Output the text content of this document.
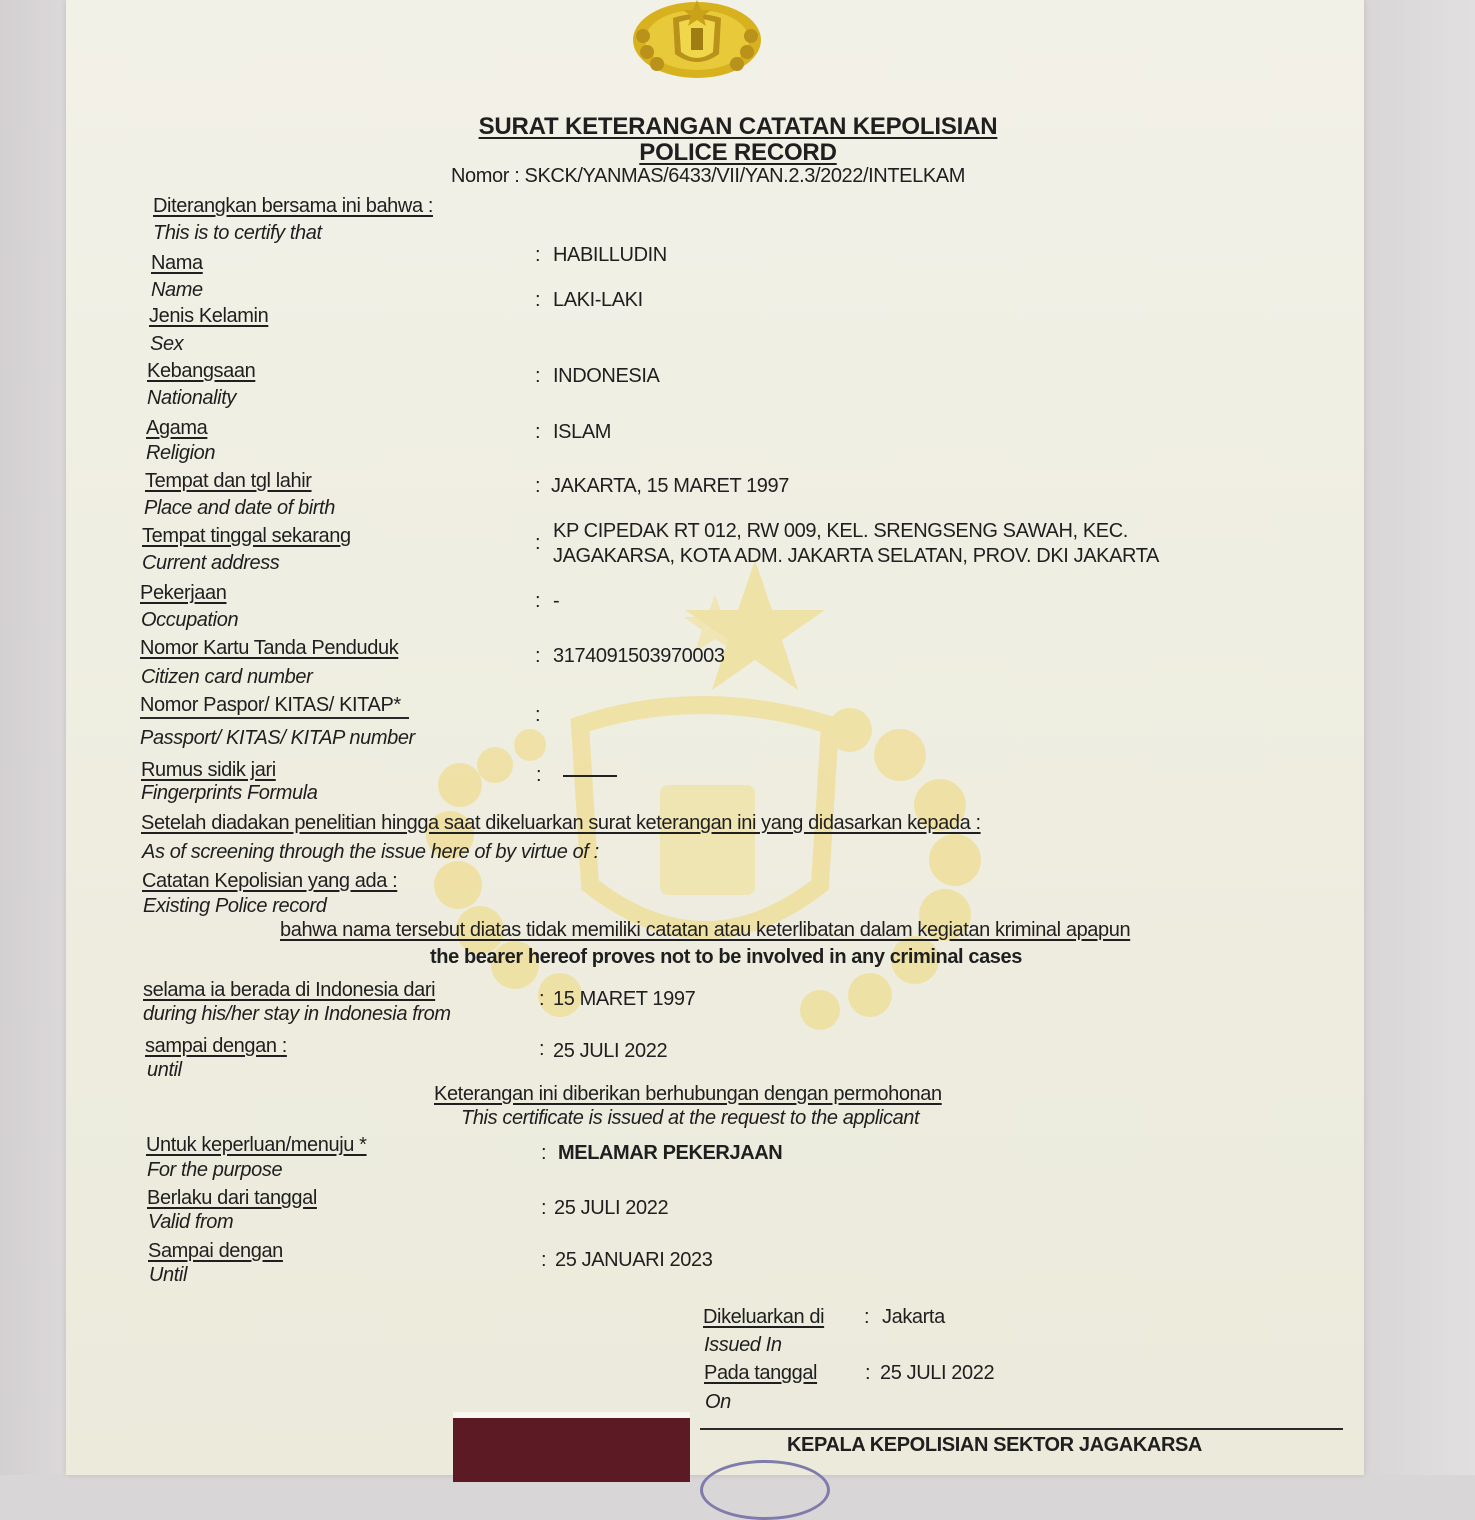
SURAT KETERANGAN CATATAN KEPOLISIAN
POLICE RECORD
Nomor : SKCK/YANMAS/6433/VII/YAN.2.3/2022/INTELKAM
Diterangkan bersama ini bahwa :
This is to certify that
Nama
Name
: HABILLUDIN
Jenis Kelamin
Sex
: LAKI-LAKI
Kebangsaan
Nationality
: INDONESIA
Agama
Religion
: ISLAM
Tempat dan tgl lahir
Place and date of birth
: JAKARTA, 15 MARET 1997
Tempat tinggal sekarang
Current address
:
KP CIPEDAK RT 012, RW 009, KEL. SRENGSENG SAWAH, KEC.
JAGAKARSA, KOTA ADM. JAKARTA SELATAN, PROV. DKI JAKARTA
Pekerjaan
Occupation
: -
Nomor Kartu Tanda Penduduk
Citizen card number
: 3174091503970003
Nomor Paspor/ KITAS/ KITAP*
Passport/ KITAS/ KITAP number
:
Rumus sidik jari
Fingerprints Formula
:
Setelah diadakan penelitian hingga saat dikeluarkan surat keterangan ini yang didasarkan kepada :
As of screening through the issue here of by virtue of :
Catatan Kepolisian yang ada :
Existing Police record
bahwa nama tersebut diatas tidak memiliki catatan atau keterlibatan dalam kegiatan kriminal apapun
the bearer hereof proves not to be involved in any criminal cases
selama ia berada di Indonesia dari
during his/her stay in Indonesia from
: 15 MARET 1997
sampai dengan :
until
: 25 JULI 2022
Keterangan ini diberikan berhubungan dengan permohonan
This certificate is issued at the request to the applicant
Untuk keperluan/menuju *
For the purpose
: MELAMAR PEKERJAAN
Berlaku dari tanggal
Valid from
: 25 JULI 2022
Sampai dengan
Until
: 25 JANUARI 2023
Dikeluarkan di
Issued In
: Jakarta
Pada tanggal
On
: 25 JULI 2022
KEPALA KEPOLISIAN SEKTOR JAGAKARSA
